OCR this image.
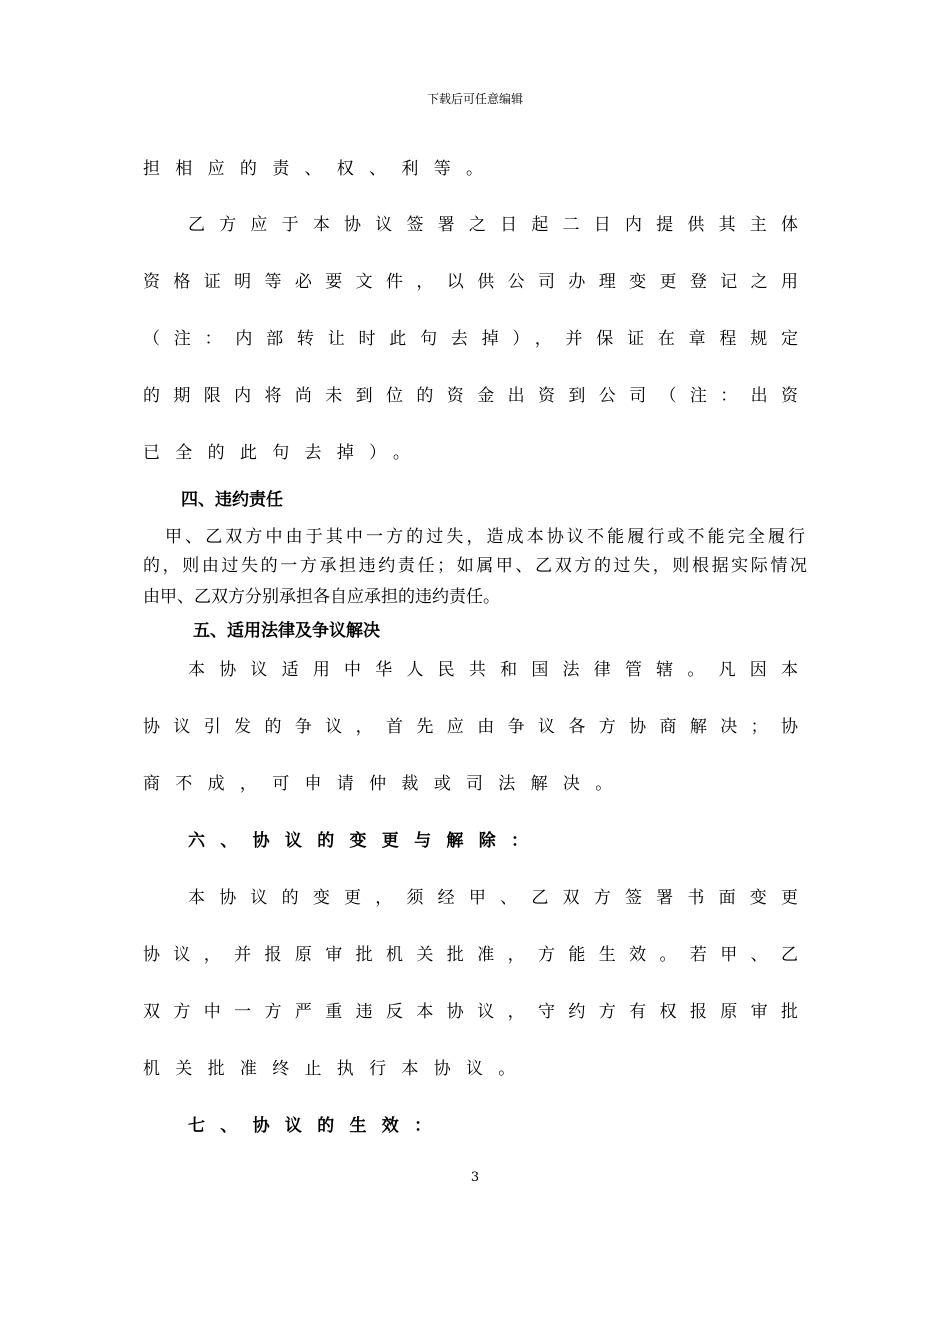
下载后可任意编辑
担相应的责、权、利等。
乙方应于本协议签署之日起二日内提供其主体
资格证明等必要文件，以供公司办理变更登记之用
（注：内部转让时此句去掉），并保证在章程规定
的期限内将尚未到位的资金出资到公司（注：出资
已全的此句去掉）。
四、违约责任
甲、乙双方中由于其中一方的过失，造成本协议不能履行或不能完全履行
的，则由过失的一方承担违约责任；如属甲、乙双方的过失，则根据实际情况
由甲、乙双方分别承担各自应承担的违约责任。
五、适用法律及争议解决
本协议适用中华人民共和国法律管辖。凡因本
协议引发的争议，首先应由争议各方协商解决；协
商不成，可申请仲裁或司法解决。
六、协议的变更与解除：
本协议的变更，须经甲、乙双方签署书面变更
协议，并报原审批机关批准，方能生效。若甲、乙
双方中一方严重违反本协议，守约方有权报原审批
机关批准终止执行本协议。
七、协议的生效：
3
